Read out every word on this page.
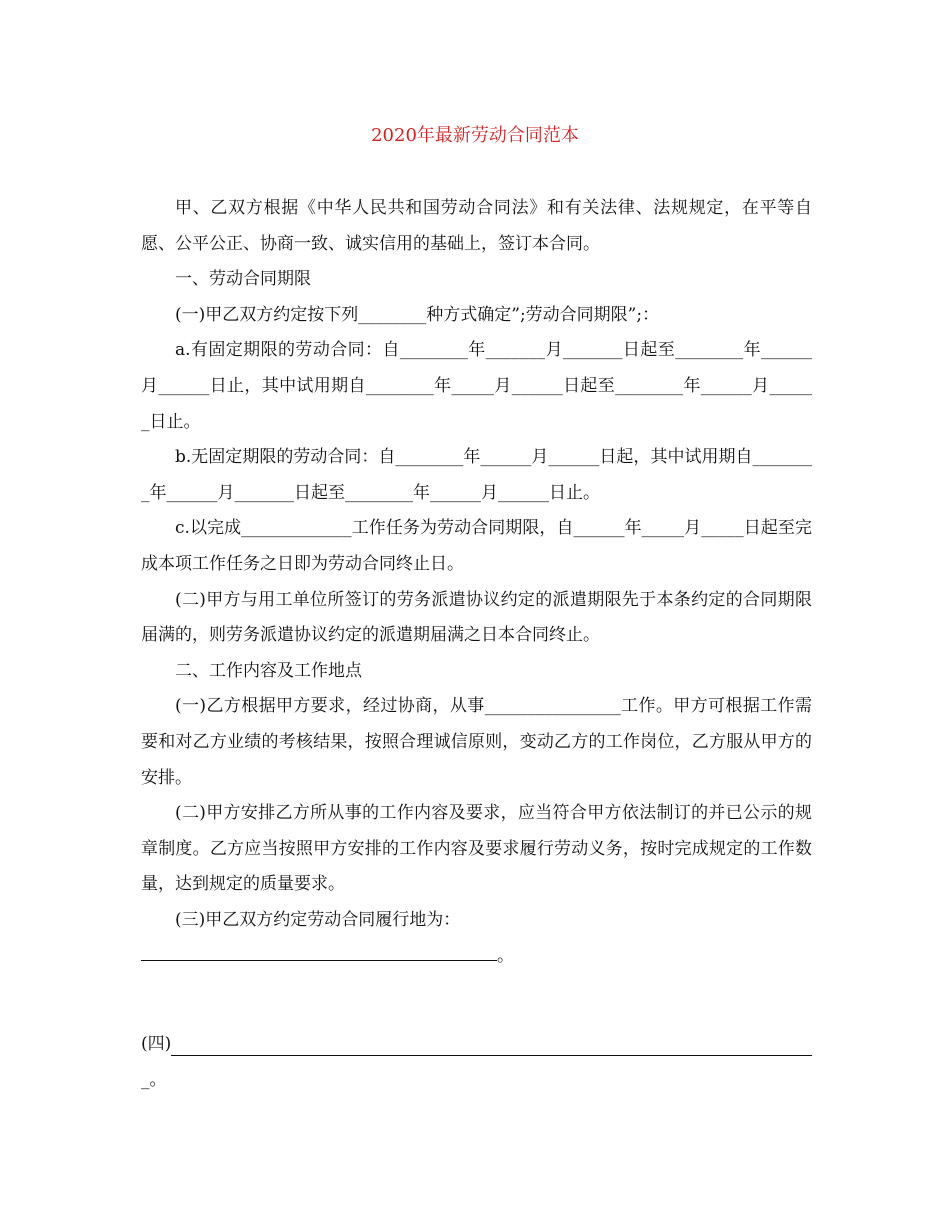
2020年最新劳动合同范本

甲、乙双方根据《中华人民共和国劳动合同法》和有关法律、法规规定，在平等自愿、公平公正、协商一致、诚实信用的基础上，签订本合同。

一、劳动合同期限

(一)甲乙双方约定按下列________种方式确定”;劳动合同期限”;：

a.有固定期限的劳动合同：自________年_______月_______日起至________年______月______日止，其中试用期自________年_____月______日起至________年______月______日止。

b.无固定期限的劳动合同：自________年______月______日起，其中试用期自________年______月_______日起至________年______月______日止。

c.以完成_____________工作任务为劳动合同期限，自______年_____月_____日起至完成本项工作任务之日即为劳动合同终止日。

(二)甲方与用工单位所签订的劳务派遣协议约定的派遣期限先于本条约定的合同期限届满的，则劳务派遣协议约定的派遣期届满之日本合同终止。

二、工作内容及工作地点

(一)乙方根据甲方要求，经过协商，从事________________工作。甲方可根据工作需要和对乙方业绩的考核结果，按照合理诚信原则，变动乙方的工作岗位，乙方服从甲方的安排。

(二)甲方安排乙方所从事的工作内容及要求，应当符合甲方依法制订的并已公示的规章制度。乙方应当按照甲方安排的工作内容及要求履行劳动义务，按时完成规定的工作数量，达到规定的质量要求。

(三)甲乙双方约定劳动合同履行地为：

。

(四)
_。
